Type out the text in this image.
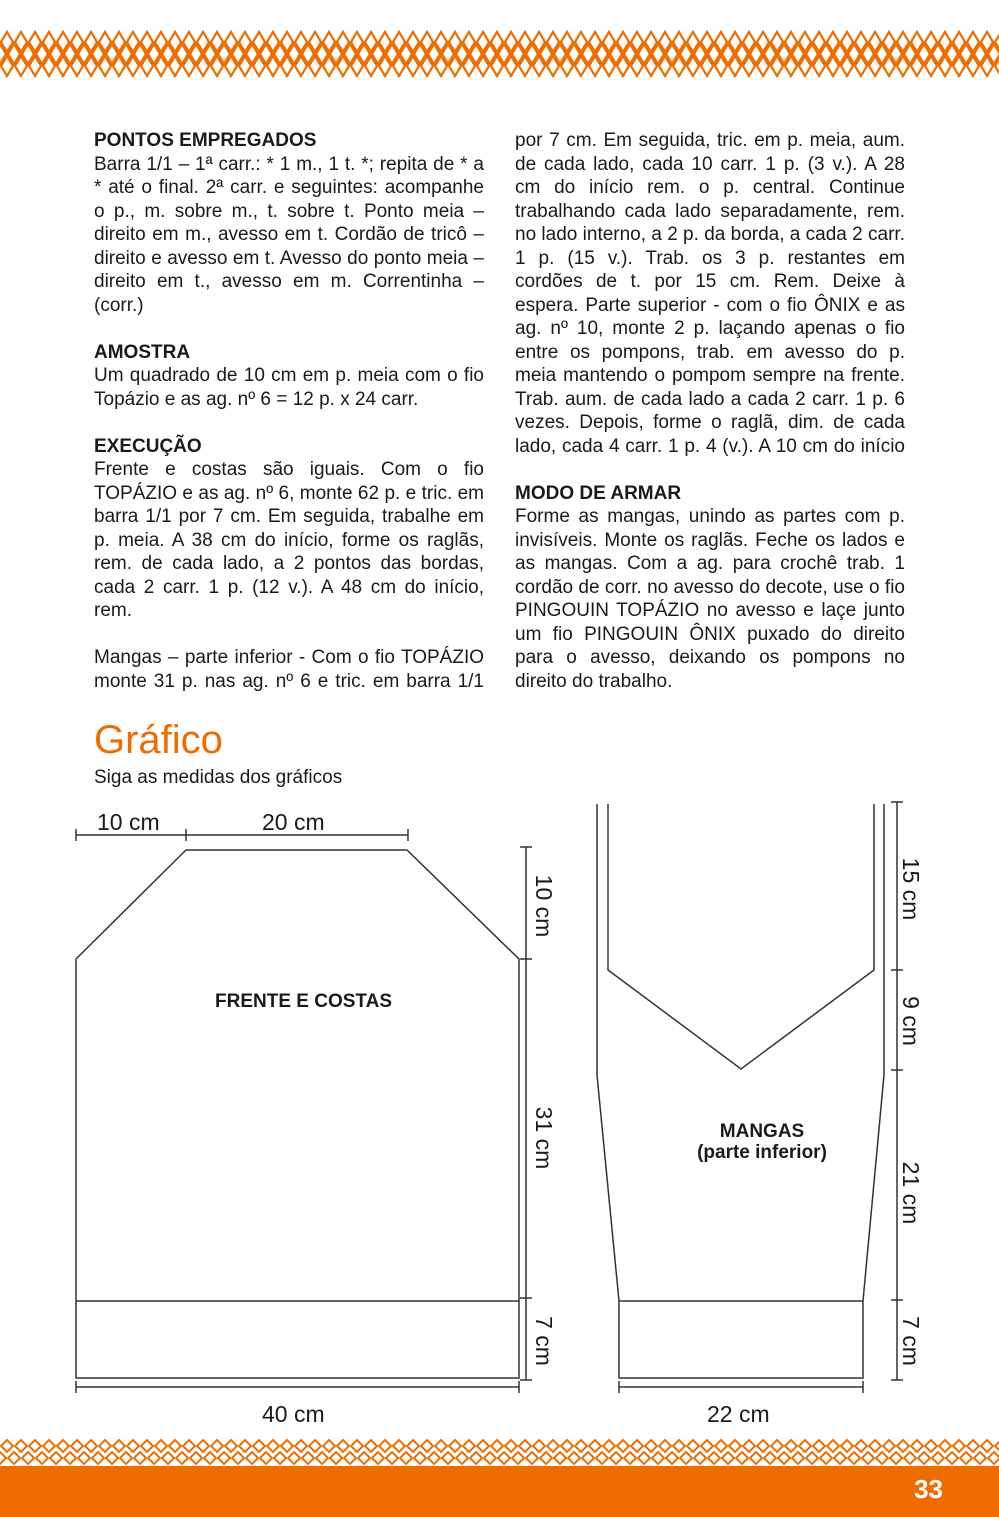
PONTOS EMPREGADOS
Barra 1/1 – 1ª carr.: * 1 m., 1 t. *; repita de * a * até o final. 2ª carr. e seguintes: acompanhe o p., m. sobre m., t. sobre t. Ponto meia – direito em m., avesso em t. Cordão de tricô – direito e avesso em t. Avesso do ponto meia – direito em t., avesso em m. Correntinha – (corr.)
AMOSTRA
Um quadrado de 10 cm em p. meia com o fio Topázio e as ag. nº 6 = 12 p. x 24 carr.
EXECUÇÃO
Frente e costas são iguais. Com o fio TOPÁZIO e as ag. nº 6, monte 62 p. e tric. em barra 1/1 por 7 cm. Em seguida, trabalhe em p. meia. A 38 cm do início, forme os raglãs, rem. de cada lado, a 2 pontos das bordas, cada 2 carr. 1 p. (12 v.). A 48 cm do início, rem.
Mangas – parte inferior - Com o fio TOPÁZIO monte 31 p. nas ag. nº 6 e tric. em barra 1/1
por 7 cm. Em seguida, tric. em p. meia, aum. de cada lado, cada 10 carr. 1 p. (3 v.). A 28 cm do início rem. o p. central. Continue trabalhando cada lado separadamente, rem. no lado interno, a 2 p. da borda, a cada 2 carr. 1 p. (15 v.). Trab. os 3 p. restantes em cordões de t. por 15 cm. Rem. Deixe à espera. Parte superior - com o fio ÔNIX e as ag. nº 10, monte 2 p. laçando apenas o fio entre os pompons, trab. em avesso do p. meia mantendo o pompom sempre na frente. Trab. aum. de cada lado a cada 2 carr. 1 p. 6 vezes. Depois, forme o raglã, dim. de cada lado, cada 4 carr. 1 p. 4 (v.). A 10 cm do início
MODO DE ARMAR
Forme as mangas, unindo as partes com p. invisíveis. Monte os raglãs. Feche os lados e as mangas. Com a ag. para crochê trab. 1 cordão de corr. no avesso do decote, use o fio PINGOUIN TOPÁZIO no avesso e laçe junto um fio PINGOUIN ÔNIX puxado do direito para o avesso, deixando os pompons no direito do trabalho.
Gráfico
Siga as medidas dos gráficos
10 cm	20 cm
10 cm
31 cm
7 cm
40 cm
FRENTE E COSTAS
15 cm
9 cm
21 cm
7 cm
22 cm
MANGAS
(parte inferior)
33
